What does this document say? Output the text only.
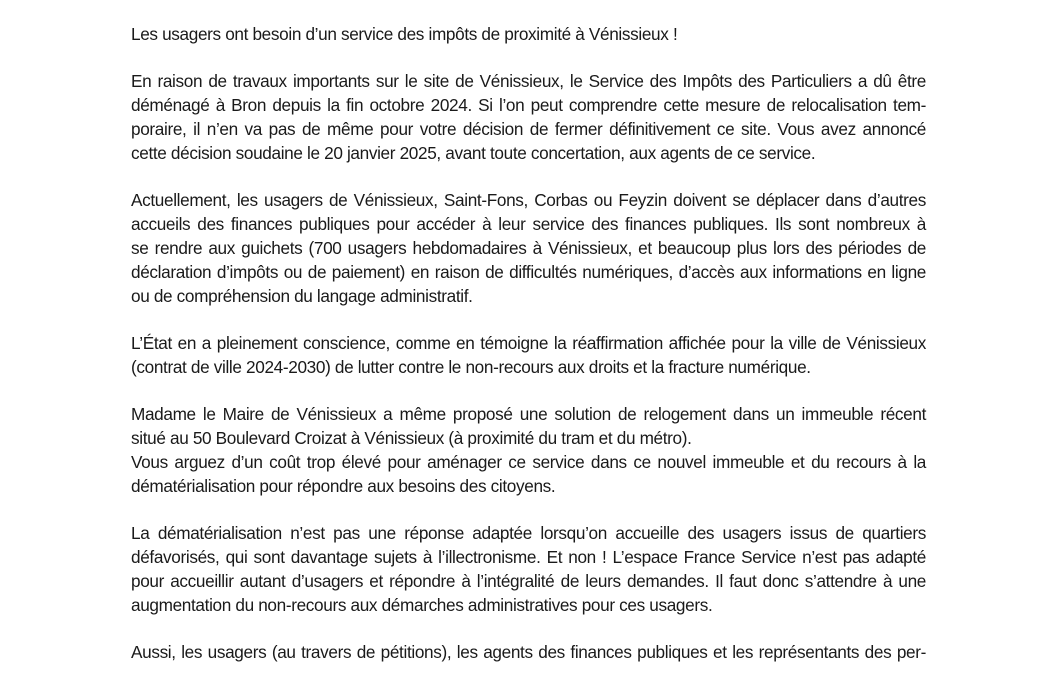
Les usagers ont besoin d’un service des impôts de proximité à Vénissieux !

En raison de travaux importants sur le site de Vénissieux, le Service des Impôts des Particuliers a dû être
déménagé à Bron depuis la fin octobre 2024. Si l’on peut comprendre cette mesure de relocalisation tem-
poraire, il n’en va pas de même pour votre décision de fermer définitivement ce site. Vous avez annoncé
cette décision soudaine le 20 janvier 2025, avant toute concertation, aux agents de ce service.

Actuellement, les usagers de Vénissieux, Saint-Fons, Corbas ou Feyzin doivent se déplacer dans d’autres
accueils des finances publiques pour accéder à leur service des finances publiques. Ils sont nombreux à
se rendre aux guichets (700 usagers hebdomadaires à Vénissieux, et beaucoup plus lors des périodes de
déclaration d’impôts ou de paiement) en raison de difficultés numériques, d’accès aux informations en ligne
ou de compréhension du langage administratif.

L’État en a pleinement conscience, comme en témoigne la réaffirmation affichée pour la ville de Vénissieux
(contrat de ville 2024-2030) de lutter contre le non-recours aux droits et la fracture numérique.

Madame le Maire de Vénissieux a même proposé une solution de relogement dans un immeuble récent
situé au 50 Boulevard Croizat à Vénissieux (à proximité du tram et du métro).
Vous arguez d’un coût trop élevé pour aménager ce service dans ce nouvel immeuble et du recours à la
dématérialisation pour répondre aux besoins des citoyens.

La dématérialisation n’est pas une réponse adaptée lorsqu’on accueille des usagers issus de quartiers
défavorisés, qui sont davantage sujets à l’illectronisme. Et non ! L’espace France Service n’est pas adapté
pour accueillir autant d’usagers et répondre à l’intégralité de leurs demandes. Il faut donc s’attendre à une
augmentation du non-recours aux démarches administratives pour ces usagers.

Aussi, les usagers (au travers de pétitions), les agents des finances publiques et les représentants des per-
